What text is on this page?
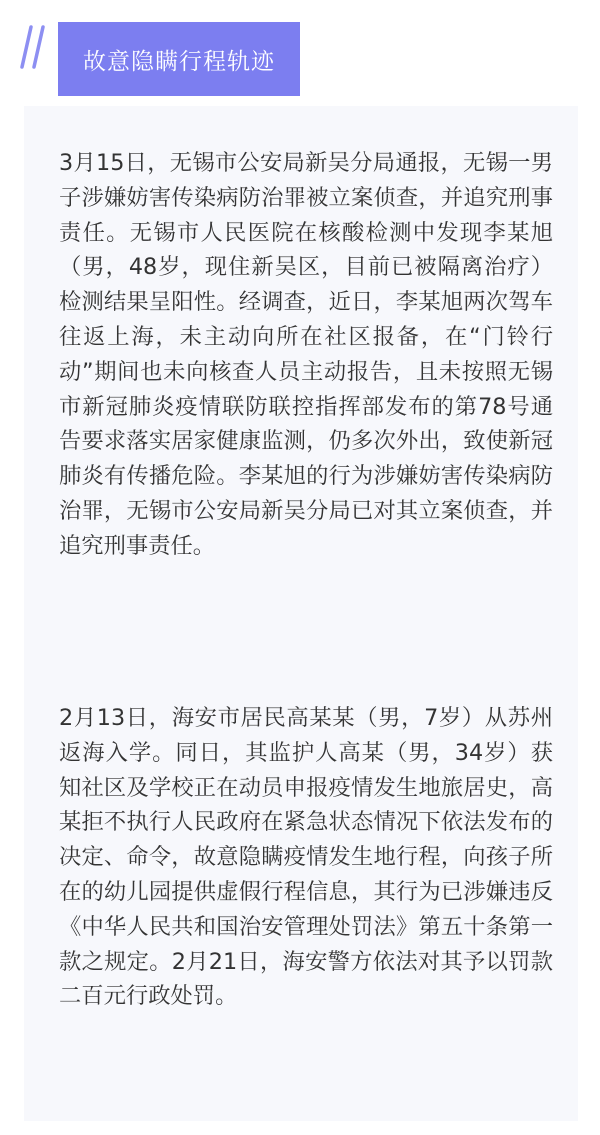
故意隐瞒行程轨迹

3月15日，无锡市公安局新吴分局通报，无锡一男子涉嫌妨害传染病防治罪被立案侦查，并追究刑事责任。无锡市人民医院在核酸检测中发现李某旭（男，48岁，现住新吴区，目前已被隔离治疗）检测结果呈阳性。经调查，近日，李某旭两次驾车往返上海，未主动向所在社区报备，在“门铃行动”期间也未向核查人员主动报告，且未按照无锡市新冠肺炎疫情联防联控指挥部发布的第78号通告要求落实居家健康监测，仍多次外出，致使新冠肺炎有传播危险。李某旭的行为涉嫌妨害传染病防治罪，无锡市公安局新吴分局已对其立案侦查，并追究刑事责任。

2月13日，海安市居民高某某（男，7岁）从苏州返海入学。同日，其监护人高某（男，34岁）获知社区及学校正在动员申报疫情发生地旅居史，高某拒不执行人民政府在紧急状态情况下依法发布的决定、命令，故意隐瞒疫情发生地行程，向孩子所在的幼儿园提供虚假行程信息，其行为已涉嫌违反《中华人民共和国治安管理处罚法》第五十条第一款之规定。2月21日，海安警方依法对其予以罚款二百元行政处罚。
